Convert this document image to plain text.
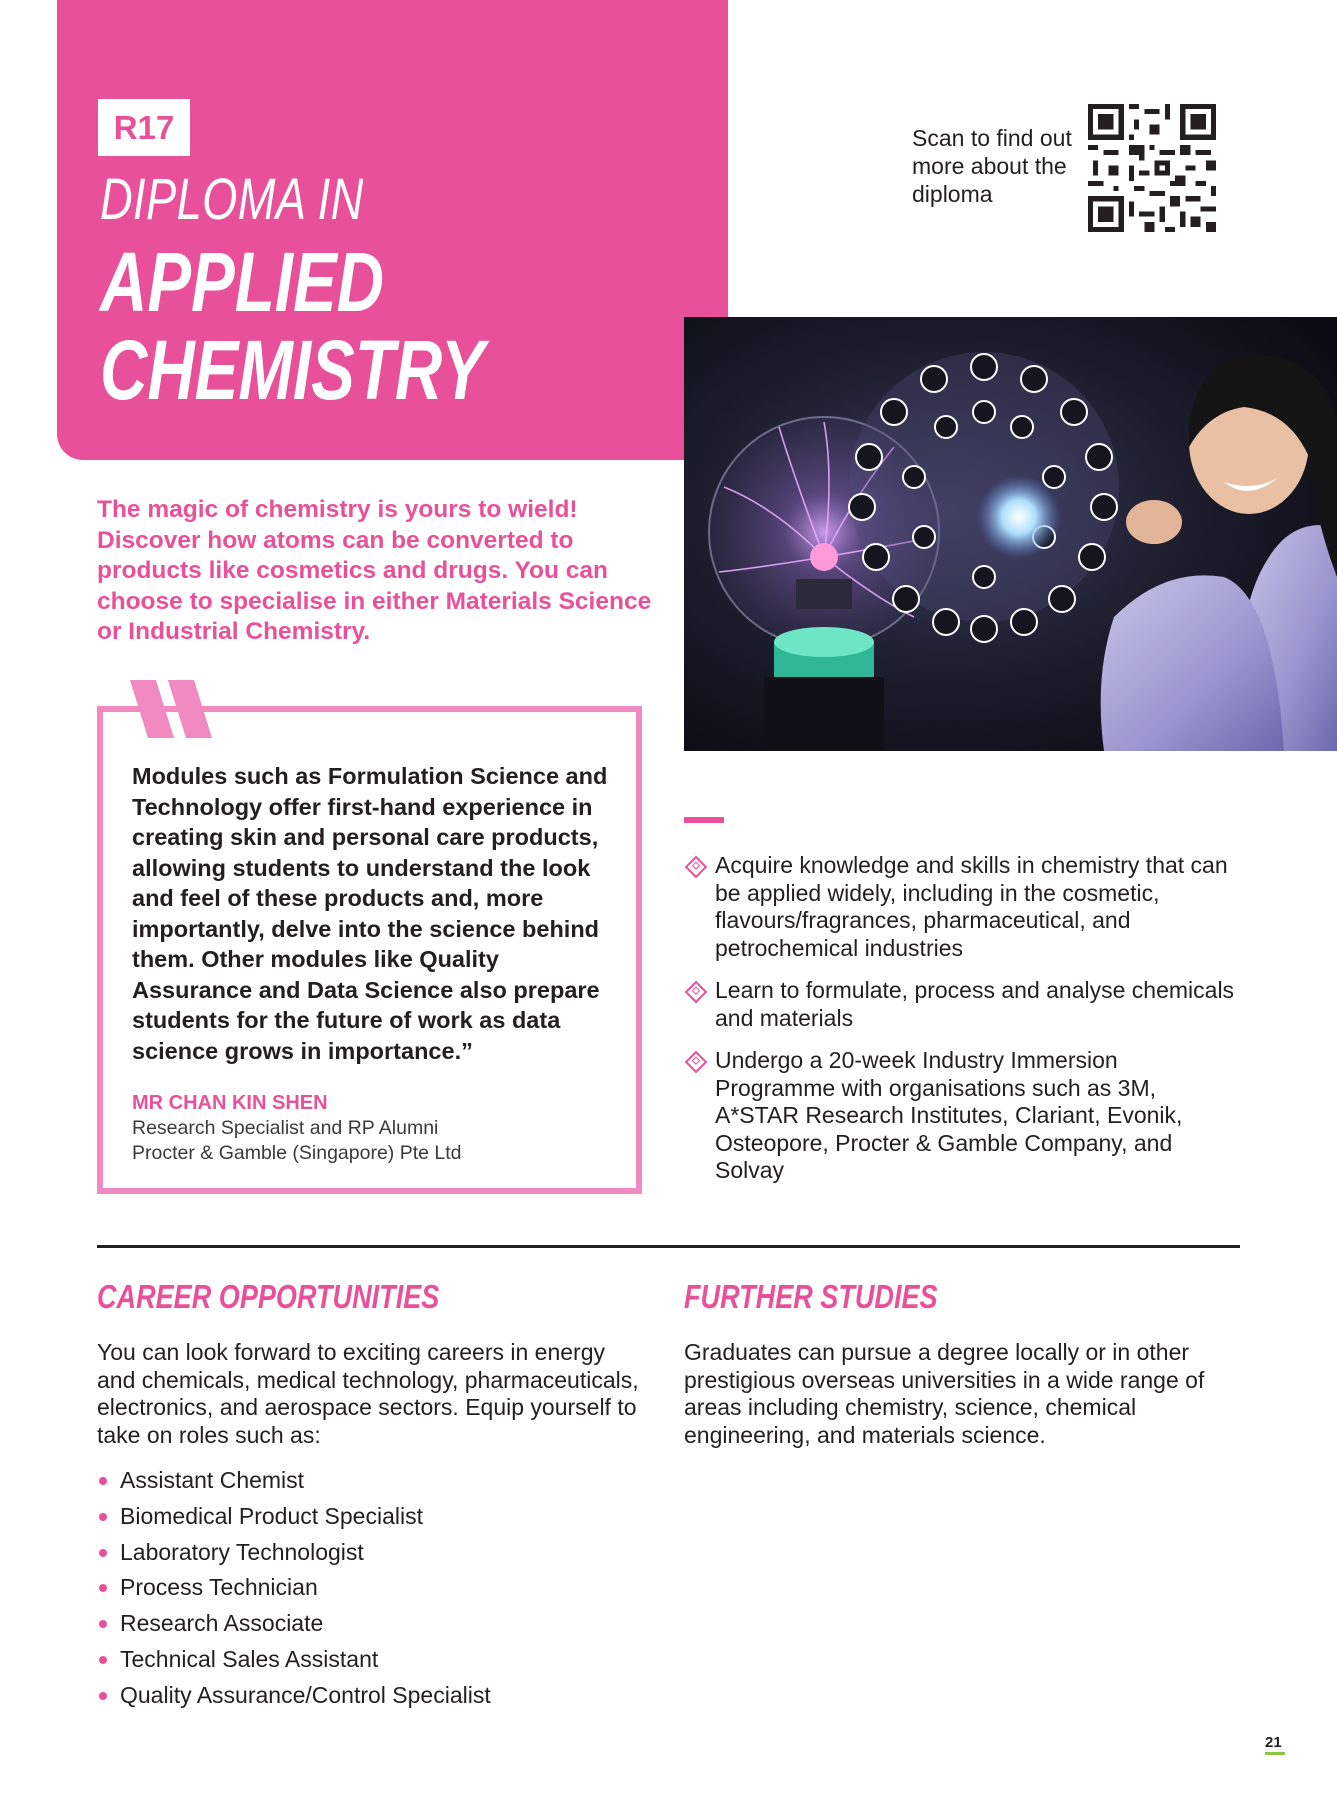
R17
DIPLOMA IN
APPLIED
CHEMISTRY
Scan to find out more about the diploma
The magic of chemistry is yours to wield! Discover how atoms can be converted to products like cosmetics and drugs. You can choose to specialise in either Materials Science or Industrial Chemistry.
Modules such as Formulation Science and Technology offer first-hand experience in creating skin and personal care products, allowing students to understand the look and feel of these products and, more importantly, delve into the science behind them. Other modules like Quality Assurance and Data Science also prepare students for the future of work as data science grows in importance.”
MR CHAN KIN SHEN
Research Specialist and RP Alumni
Procter & Gamble (Singapore) Pte Ltd
Acquire knowledge and skills in chemistry that can be applied widely, including in the cosmetic, flavours/fragrances, pharmaceutical, and petrochemical industries
Learn to formulate, process and analyse chemicals and materials
Undergo a 20-week Industry Immersion Programme with organisations such as 3M, A*STAR Research Institutes, Clariant, Evonik, Osteopore, Procter & Gamble Company, and Solvay
CAREER OPPORTUNITIES
You can look forward to exciting careers in energy and chemicals, medical technology, pharmaceuticals, electronics, and aerospace sectors. Equip yourself to take on roles such as:
Assistant Chemist
Biomedical Product Specialist
Laboratory Technologist
Process Technician
Research Associate
Technical Sales Assistant
Quality Assurance/Control Specialist
FURTHER STUDIES
Graduates can pursue a degree locally or in other prestigious overseas universities in a wide range of areas including chemistry, science, chemical engineering, and materials science.
21
